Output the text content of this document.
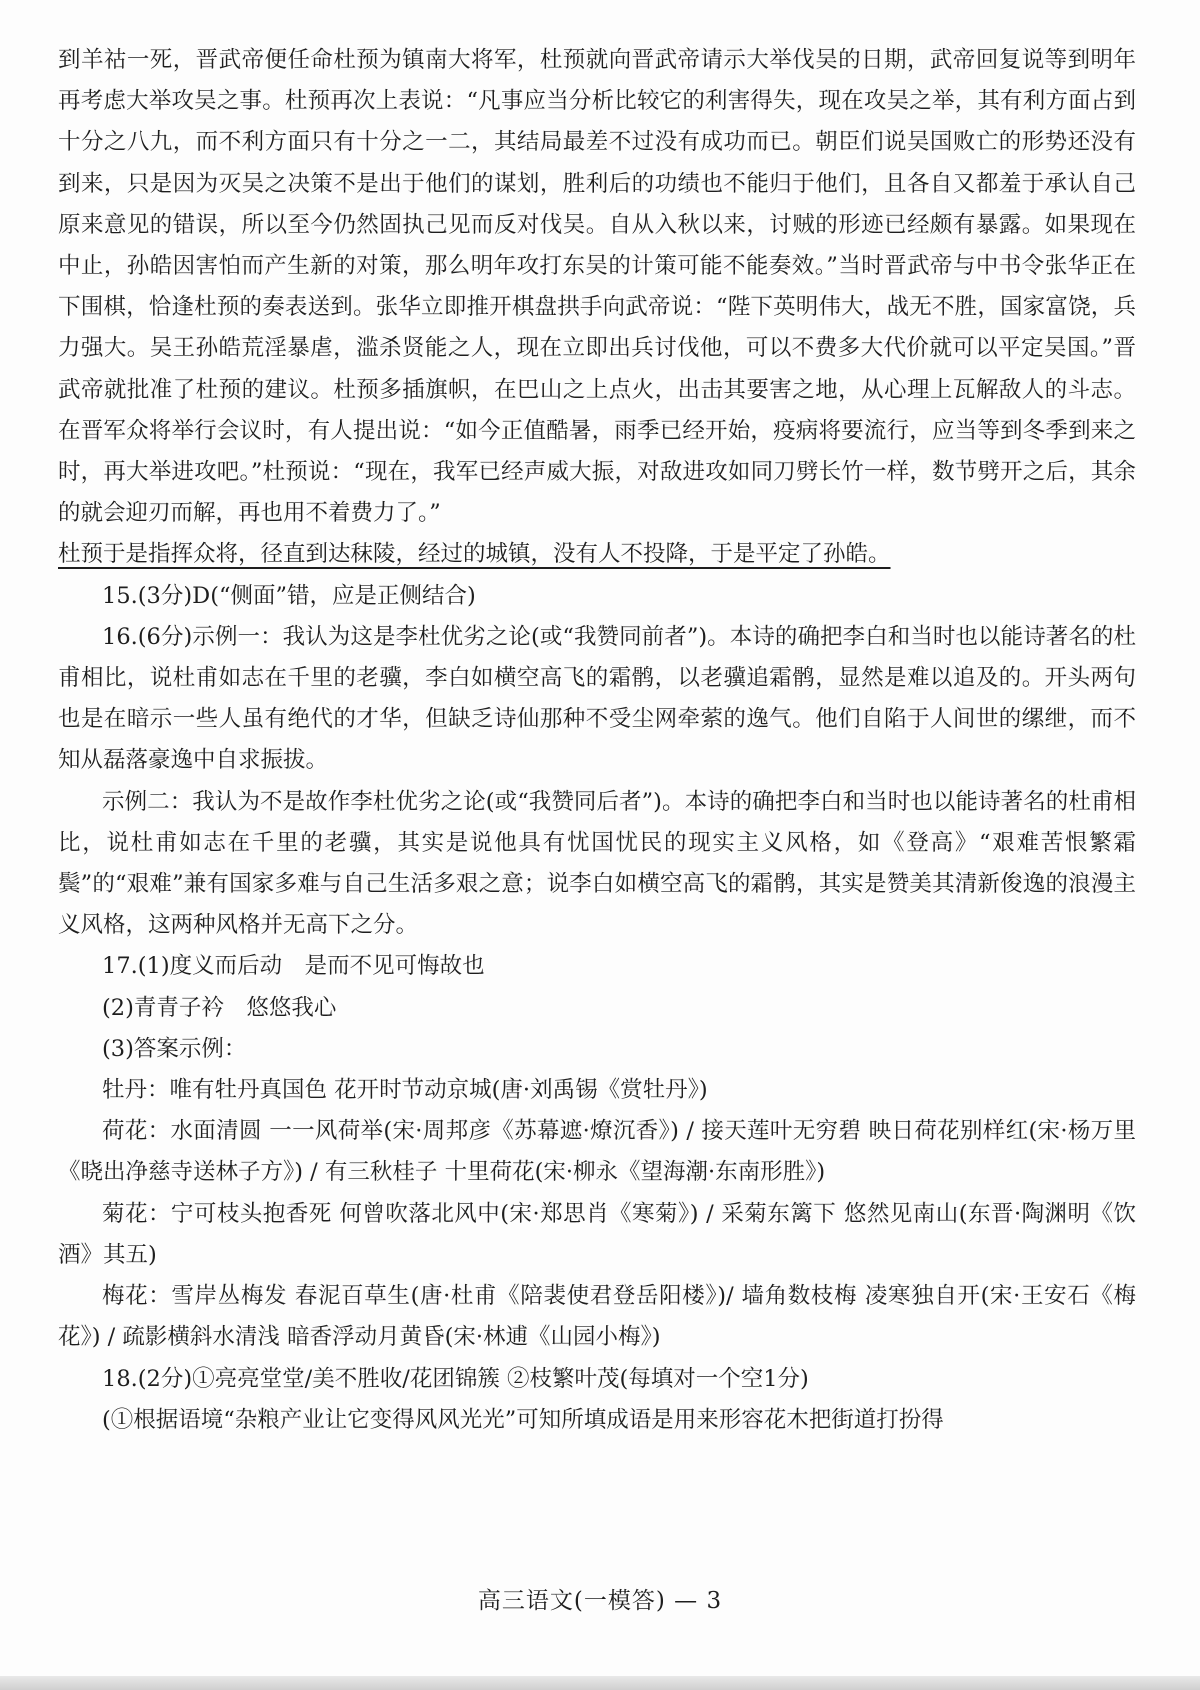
到羊祜一死，晋武帝便任命杜预为镇南大将军，杜预就向晋武帝请示大举伐吴的日期，武帝回复说等到明年再考虑大举攻吴之事。杜预再次上表说：“凡事应当分析比较它的利害得失，现在攻吴之举，其有利方面占到十分之八九，而不利方面只有十分之一二，其结局最差不过没有成功而已。朝臣们说吴国败亡的形势还没有到来，只是因为灭吴之决策不是出于他们的谋划，胜利后的功绩也不能归于他们，且各自又都羞于承认自己原来意见的错误，所以至今仍然固执己见而反对伐吴。自从入秋以来，讨贼的形迹已经颇有暴露。如果现在中止，孙皓因害怕而产生新的对策，那么明年攻打东吴的计策可能不能奏效。”当时晋武帝与中书令张华正在下围棋，恰逢杜预的奏表送到。张华立即推开棋盘拱手向武帝说：“陛下英明伟大，战无不胜，国家富饶，兵力强大。吴王孙皓荒淫暴虐，滥杀贤能之人，现在立即出兵讨伐他，可以不费多大代价就可以平定吴国。”晋武帝就批准了杜预的建议。杜预多插旗帜，在巴山之上点火，出击其要害之地，从心理上瓦解敌人的斗志。在晋军众将举行会议时，有人提出说：“如今正值酷暑，雨季已经开始，疫病将要流行，应当等到冬季到来之时，再大举进攻吧。”杜预说：“现在，我军已经声威大振，对敌进攻如同刀劈长竹一样，数节劈开之后，其余的就会迎刃而解，再也用不着费力了。”

杜预于是指挥众将，径直到达秣陵，经过的城镇，没有人不投降，于是平定了孙皓。

15.(3分)D(“侧面”错，应是正侧结合)

16.(6分)示例一：我认为这是李杜优劣之论(或“我赞同前者”)。本诗的确把李白和当时也以能诗著名的杜甫相比，说杜甫如志在千里的老骥，李白如横空高飞的霜鹘，以老骥追霜鹘，显然是难以追及的。开头两句也是在暗示一些人虽有绝代的才华，但缺乏诗仙那种不受尘网牵萦的逸气。他们自陷于人间世的缧绁，而不知从磊落豪逸中自求振拔。

示例二：我认为不是故作李杜优劣之论(或“我赞同后者”)。本诗的确把李白和当时也以能诗著名的杜甫相比，说杜甫如志在千里的老骥，其实是说他具有忧国忧民的现实主义风格，如《登高》“艰难苦恨繁霜鬓”的“艰难”兼有国家多难与自己生活多艰之意；说李白如横空高飞的霜鹘，其实是赞美其清新俊逸的浪漫主义风格，这两种风格并无高下之分。

17.(1)度义而后动　是而不见可悔故也

(2)青青子衿　悠悠我心

(3)答案示例：

牡丹：唯有牡丹真国色 花开时节动京城(唐·刘禹锡《赏牡丹》)

荷花：水面清圆 一一风荷举(宋·周邦彦《苏幕遮·燎沉香》) / 接天莲叶无穷碧 映日荷花别样红(宋·杨万里《晓出净慈寺送林子方》) / 有三秋桂子 十里荷花(宋·柳永《望海潮·东南形胜》)

菊花：宁可枝头抱香死 何曾吹落北风中(宋·郑思肖《寒菊》) / 采菊东篱下 悠然见南山(东晋·陶渊明《饮酒》其五)

梅花：雪岸丛梅发 春泥百草生(唐·杜甫《陪裴使君登岳阳楼》)/ 墙角数枝梅 凌寒独自开(宋·王安石《梅花》) / 疏影横斜水清浅 暗香浮动月黄昏(宋·林逋《山园小梅》)

18.(2分)①亮亮堂堂/美不胜收/花团锦簇 ②枝繁叶茂(每填对一个空1分)

(①根据语境“杂粮产业让它变得风风光光”可知所填成语是用来形容花木把街道打扮得

高三语文(一模答) — 3
